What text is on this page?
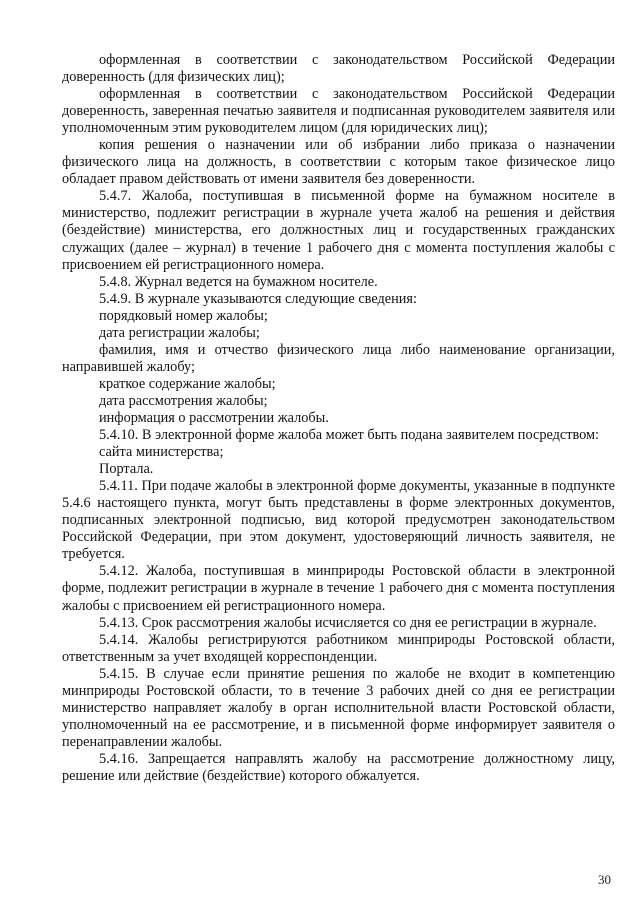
оформленная в соответствии с законодательством Российской Федерации доверенность (для физических лиц);

оформленная в соответствии с законодательством Российской Федерации доверенность, заверенная печатью заявителя и подписанная руководителем заявителя или уполномоченным этим руководителем лицом (для юридических лиц);

копия решения о назначении или об избрании либо приказа о назначении физического лица на должность, в соответствии с которым такое физическое лицо обладает правом действовать от имени заявителя без доверенности.

5.4.7. Жалоба, поступившая в письменной форме на бумажном носителе в министерство, подлежит регистрации в журнале учета жалоб на решения и действия (бездействие) министерства, его должностных лиц и государственных гражданских служащих (далее – журнал) в течение 1 рабочего дня с момента поступления жалобы с присвоением ей регистрационного номера.

5.4.8. Журнал ведется на бумажном носителе.

5.4.9. В журнале указываются следующие сведения:

порядковый номер жалобы;

дата регистрации жалобы;

фамилия, имя и отчество физического лица либо наименование организации, направившей жалобу;

краткое содержание жалобы;

дата рассмотрения жалобы;

информация о рассмотрении жалобы.

5.4.10. В электронной форме жалоба может быть подана заявителем посредством:

сайта министерства;

Портала.

5.4.11. При подаче жалобы в электронной форме документы, указанные в подпункте 5.4.6 настоящего пункта, могут быть представлены в форме электронных документов, подписанных электронной подписью, вид которой предусмотрен законодательством Российской Федерации, при этом документ, удостоверяющий личность заявителя, не требуется.

5.4.12. Жалоба, поступившая в минприроды Ростовской области в электронной форме, подлежит регистрации в журнале в течение 1 рабочего дня с момента поступления жалобы с присвоением ей регистрационного номера.

5.4.13. Срок рассмотрения жалобы исчисляется со дня ее регистрации в журнале.

5.4.14. Жалобы регистрируются работником минприроды Ростовской области, ответственным за учет входящей корреспонденции.

5.4.15. В случае если принятие решения по жалобе не входит в компетенцию минприроды Ростовской области, то в течение 3 рабочих дней со дня ее регистрации министерство направляет жалобу в орган исполнительной власти Ростовской области, уполномоченный на ее рассмотрение, и в письменной форме информирует заявителя о перенаправлении жалобы.

5.4.16. Запрещается направлять жалобу на рассмотрение должностному лицу, решение или действие (бездействие) которого обжалуется.

30
